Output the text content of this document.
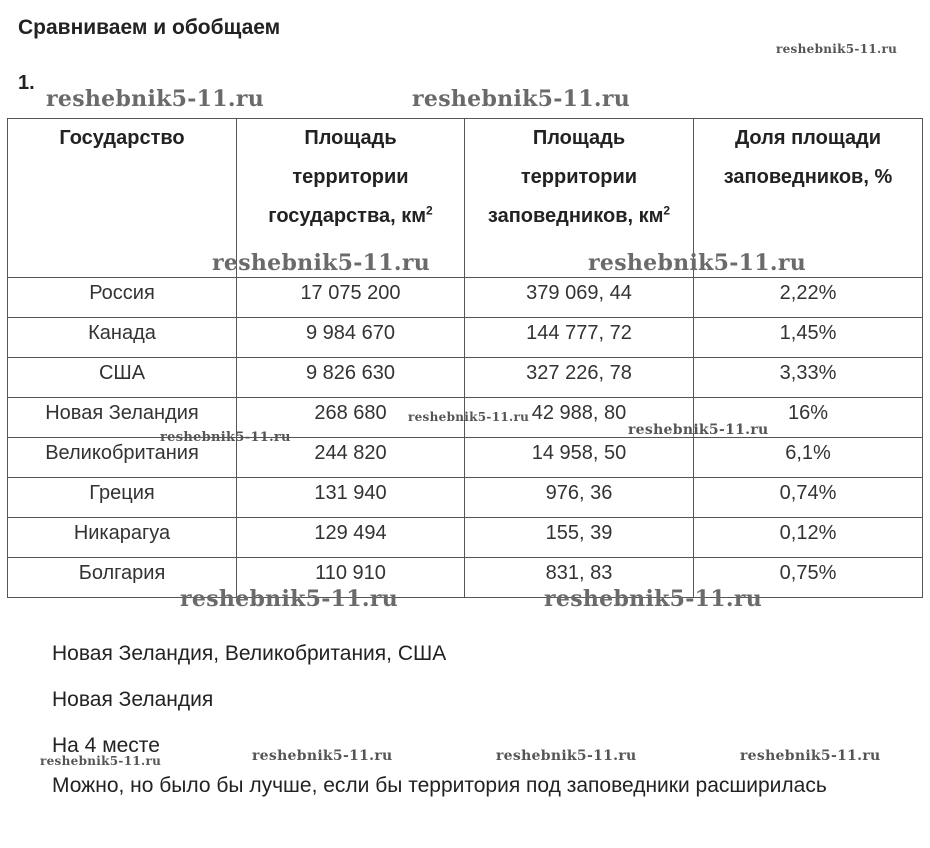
Сравниваем и обобщаем
1.
Государство	Площадь территории государства, $км^2$	Площадь территории заповедников, $км^2$	Доля площади заповедников, %
Россия	17 075 200	379 069, 44	2,22%
Канада	9 984 670	144 777, 72	1,45%
США	9 826 630	327 226, 78	3,33%
Новая Зеландия	268 680	42 988, 80	16%
Великобритания	244 820	14 958, 50	6,1%
Греция	131 940	976, 36	0,74%
Никарагуа	129 494	155, 39	0,12%
Болгария	110 910	831, 83	0,75%
Новая Зеландия, Великобритания, США
Новая Зеландия
На 4 месте
Можно, но было бы лучше, если бы территория под заповедники расширилась
reshebnik5-11.ru
reshebnik5-11.ru	reshebnik5-11.ru
reshebnik5-11.ru	reshebnik5-11.ru
reshebnik5-11.ru
reshebnik5-11.ru	reshebnik5-11.ru
reshebnik5-11.ru	reshebnik5-11.ru
reshebnik5-11.ru	reshebnik5-11.ru	reshebnik5-11.ru
reshebnik5-11.ru
